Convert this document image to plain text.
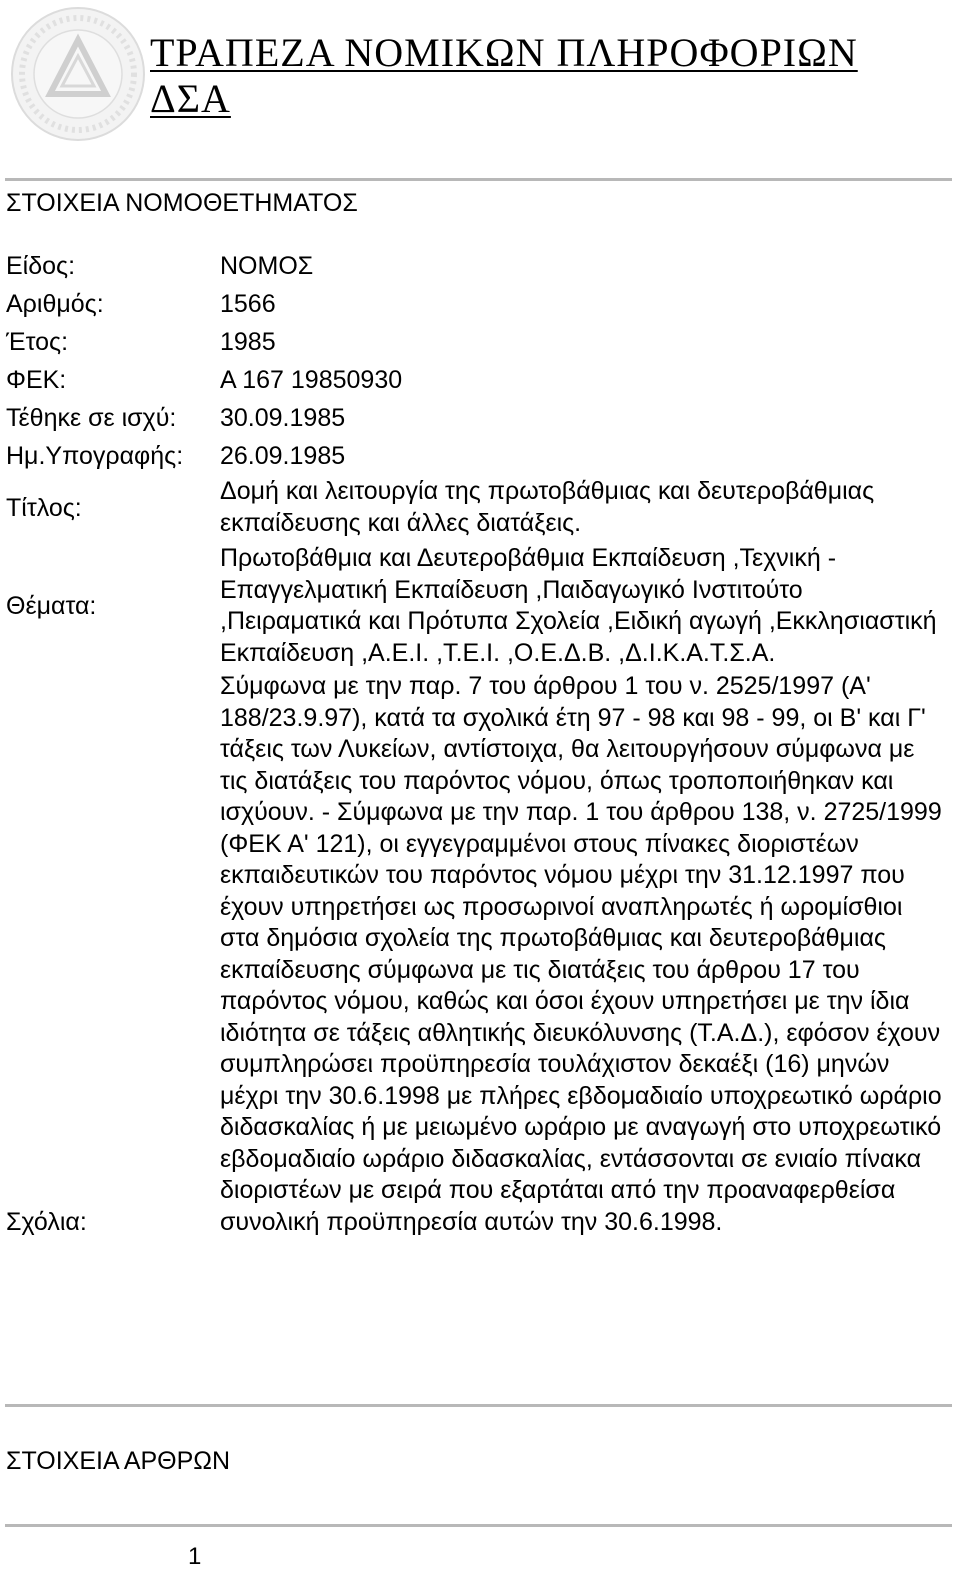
ΤΡΑΠΕΖΑ ΝΟΜΙΚΩΝ ΠΛΗΡΟΦΟΡΙΩΝ ΔΣΑ
ΣΤΟΙΧΕΙΑ ΝΟΜΟΘΕΤΗΜΑΤΟΣ
Είδος:	ΝΟΜΟΣ
Αριθμός:	1566
Έτος:	1985
ΦΕΚ:	Α 167 19850930
Τέθηκε σε ισχύ:	30.09.1985
Ημ.Υπογραφής:	26.09.1985
Τίτλος:
Δομή και λειτουργία της πρωτοβάθμιας και δευτεροβάθμιας εκπαίδευσης και άλλες διατάξεις.
Θέματα:
Πρωτοβάθμια και Δευτεροβάθμια Εκπαίδευση ,Τεχνική - Επαγγελματική Εκπαίδευση ,Παιδαγωγικό Ινστιτούτο ,Πειραματικά και Πρότυπα Σχολεία ,Ειδική αγωγή ,Εκκλησιαστική Εκπαίδευση ,Α.Ε.Ι. ,Τ.Ε.Ι. ,Ο.Ε.Δ.Β. ,Δ.Ι.Κ.Α.Τ.Σ.Α.
Σχόλια:
Σύμφωνα με την παρ. 7 του άρθρου 1 του ν. 2525/1997 (Α' 188/23.9.97), κατά τα σχολικά έτη 97 - 98 και 98 - 99, οι Β' και Γ' τάξεις των Λυκείων, αντίστοιχα, θα λειτουργήσουν σύμφωνα με τις διατάξεις του παρόντος νόμου, όπως τροποποιήθηκαν και ισχύουν. - Σύμφωνα με την παρ. 1 του άρθρου 138, ν. 2725/1999 (ΦΕΚ Α' 121), οι εγγεγραμμένοι στους πίνακες διοριστέων εκπαιδευτικών του παρόντος νόμου μέχρι την 31.12.1997 που έχουν υπηρετήσει ως προσωρινοί αναπληρωτές ή ωρομίσθιοι στα δημόσια σχολεία της πρωτοβάθμιας και δευτεροβάθμιας εκπαίδευσης σύμφωνα με τις διατάξεις του άρθρου 17 του παρόντος νόμου, καθώς και όσοι έχουν υπηρετήσει με την ίδια ιδιότητα σε τάξεις αθλητικής διευκόλυνσης (Τ.Α.Δ.), εφόσον έχουν συμπληρώσει προϋπηρεσία τουλάχιστον δεκαέξι (16) μηνών μέχρι την 30.6.1998 με πλήρες εβδομαδιαίο υποχρεωτικό ωράριο διδασκαλίας ή με μειωμένο ωράριο με αναγωγή στο υποχρεωτικό εβδομαδιαίο ωράριο διδασκαλίας, εντάσσονται σε ενιαίο πίνακα διοριστέων με σειρά που εξαρτάται από την προαναφερθείσα συνολική προϋπηρεσία αυτών την 30.6.1998.
ΣΤΟΙΧΕΙΑ ΑΡΘΡΩΝ
1
